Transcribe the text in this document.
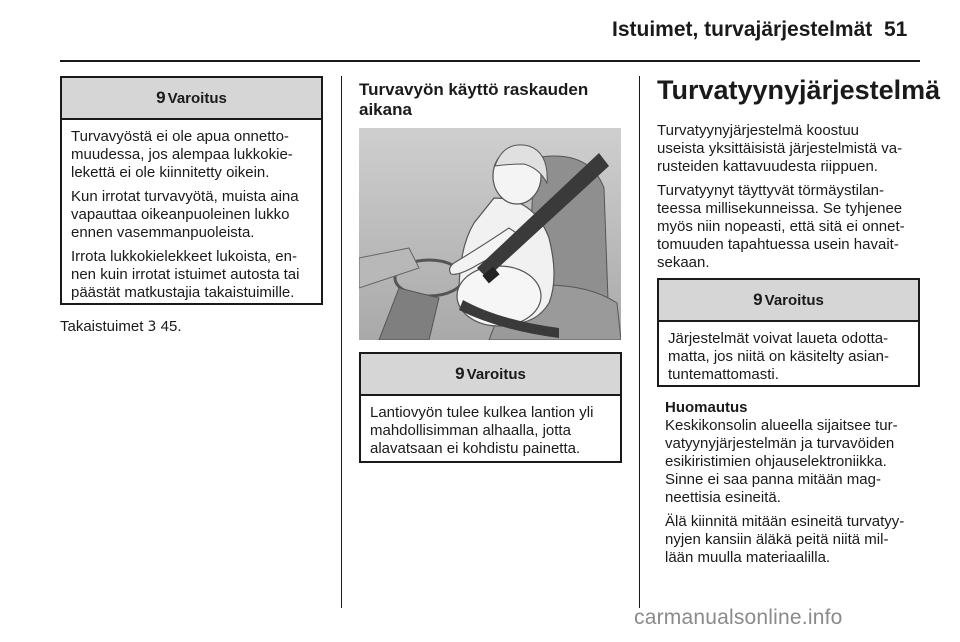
Istuimet, turvajärjestelmät 51
9 Varoitus

Turvavyöstä ei ole apua onnetto-
muudessa, jos alempaa lukkokie-
lekettä ei ole kiinnitetty oikein.

Kun irrotat turvavyötä, muista aina
vapauttaa oikeanpuoleinen lukko
ennen vasemmanpuoleista.

Irrota lukkokielekkeet lukoista, en-
nen kuin irrotat istuimet autosta tai
päästät matkustajia takaistuimille.

Takaistuimet 3 45.
Turvavyön käyttö raskauden
aikana
9 Varoitus

Lantiovyön tulee kulkea lantion yli
mahdollisimman alhaalla, jotta
alavatsaan ei kohdistu painetta.

Turvatyynyjärjestelmä

Turvatyynyjärjestelmä koostuu
useista yksittäisistä järjestelmistä va-
rusteiden kattavuudesta riippuen.

Turvatyynyt täyttyvät törmäystilan-
teessa millisekunneissa. Se tyhjenee
myös niin nopeasti, että sitä ei onnet-
tomuuden tapahtuessa usein havait-
sekaan.

9 Varoitus

Järjestelmät voivat laueta odotta-
matta, jos niitä on käsitelty asian-
tuntemattomasti.

Huomautus

Keskikonsolin alueella sijaitsee tur-
vatyynyjärjestelmän ja turvavöiden
esikiristimien ohjauselektroniikka.
Sinne ei saa panna mitään mag-
neettisia esineitä.

Älä kiinnitä mitään esineitä turvatyy-
nyjen kansiin äläkä peitä niitä mil-
lään muulla materiaalilla.

carmanualsonline.info
